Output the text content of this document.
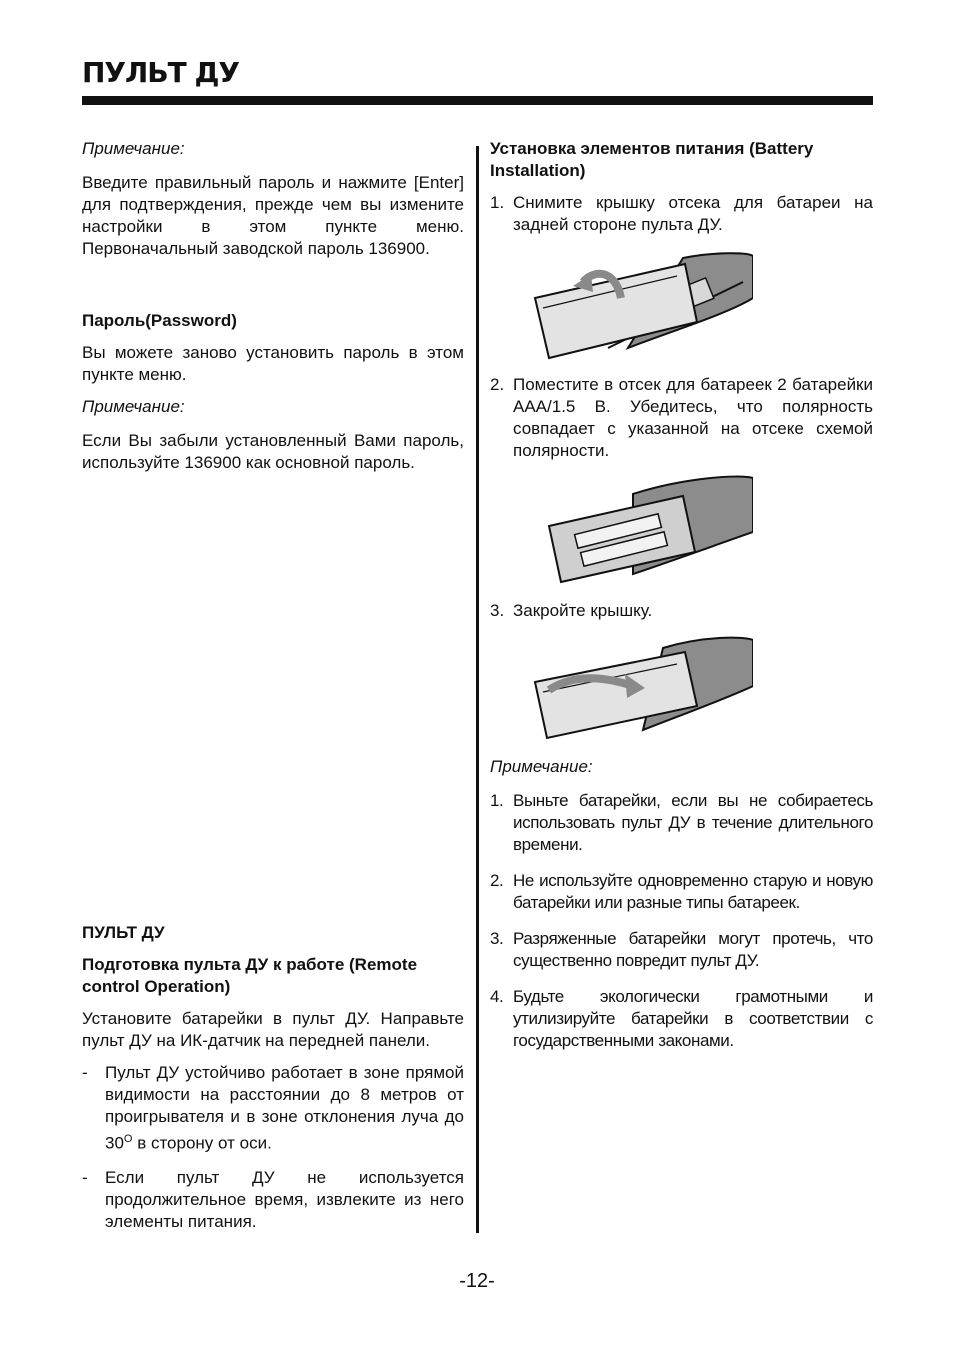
ПУЛЬТ ДУ

Примечание:

Введите правильный пароль и нажмите [Enter] для подтверждения, прежде чем вы измените настройки в этом пункте меню. Первоначальный заводской пароль 136900.

Пароль(Password)

Вы можете заново установить пароль в этом пункте меню.

Примечание:

Если Вы забыли установленный Вами пароль, используйте 136900 как основной пароль.

ПУЛЬТ ДУ

Подготовка пульта ДУ к работе (Remote control Operation)

Установите батарейки в пульт ДУ. Направьте пульт ДУ на ИК-датчик на передней панели.

- Пульт ДУ устойчиво работает в зоне прямой видимости на расстоянии до 8 метров от проигрывателя и в зоне отклонения луча до $30^О$ в сторону от оси.
- Если пульт ДУ не используется продолжительное время, извлеките из него элементы питания.

Установка элементов питания (Battery Installation)

1. Снимите крышку отсека для батареи на задней стороне пульта ДУ.
2. Поместите в отсек для батареек 2 батарейки ААА/1.5 В. Убедитесь, что полярность совпадает с указанной на отсеке схемой полярности.
3. Закройте крышку.

Примечание:

1. Выньте батарейки, если вы не собираетесь использовать пульт ДУ в течение длительного времени.
2. Не используйте одновременно старую и новую батарейки или разные типы батареек.
3. Разряженные батарейки могут протечь, что существенно повредит пульт ДУ.
4. Будьте экологически грамотными и утилизируйте батарейки в соответствии с государственными законами.
-12-
